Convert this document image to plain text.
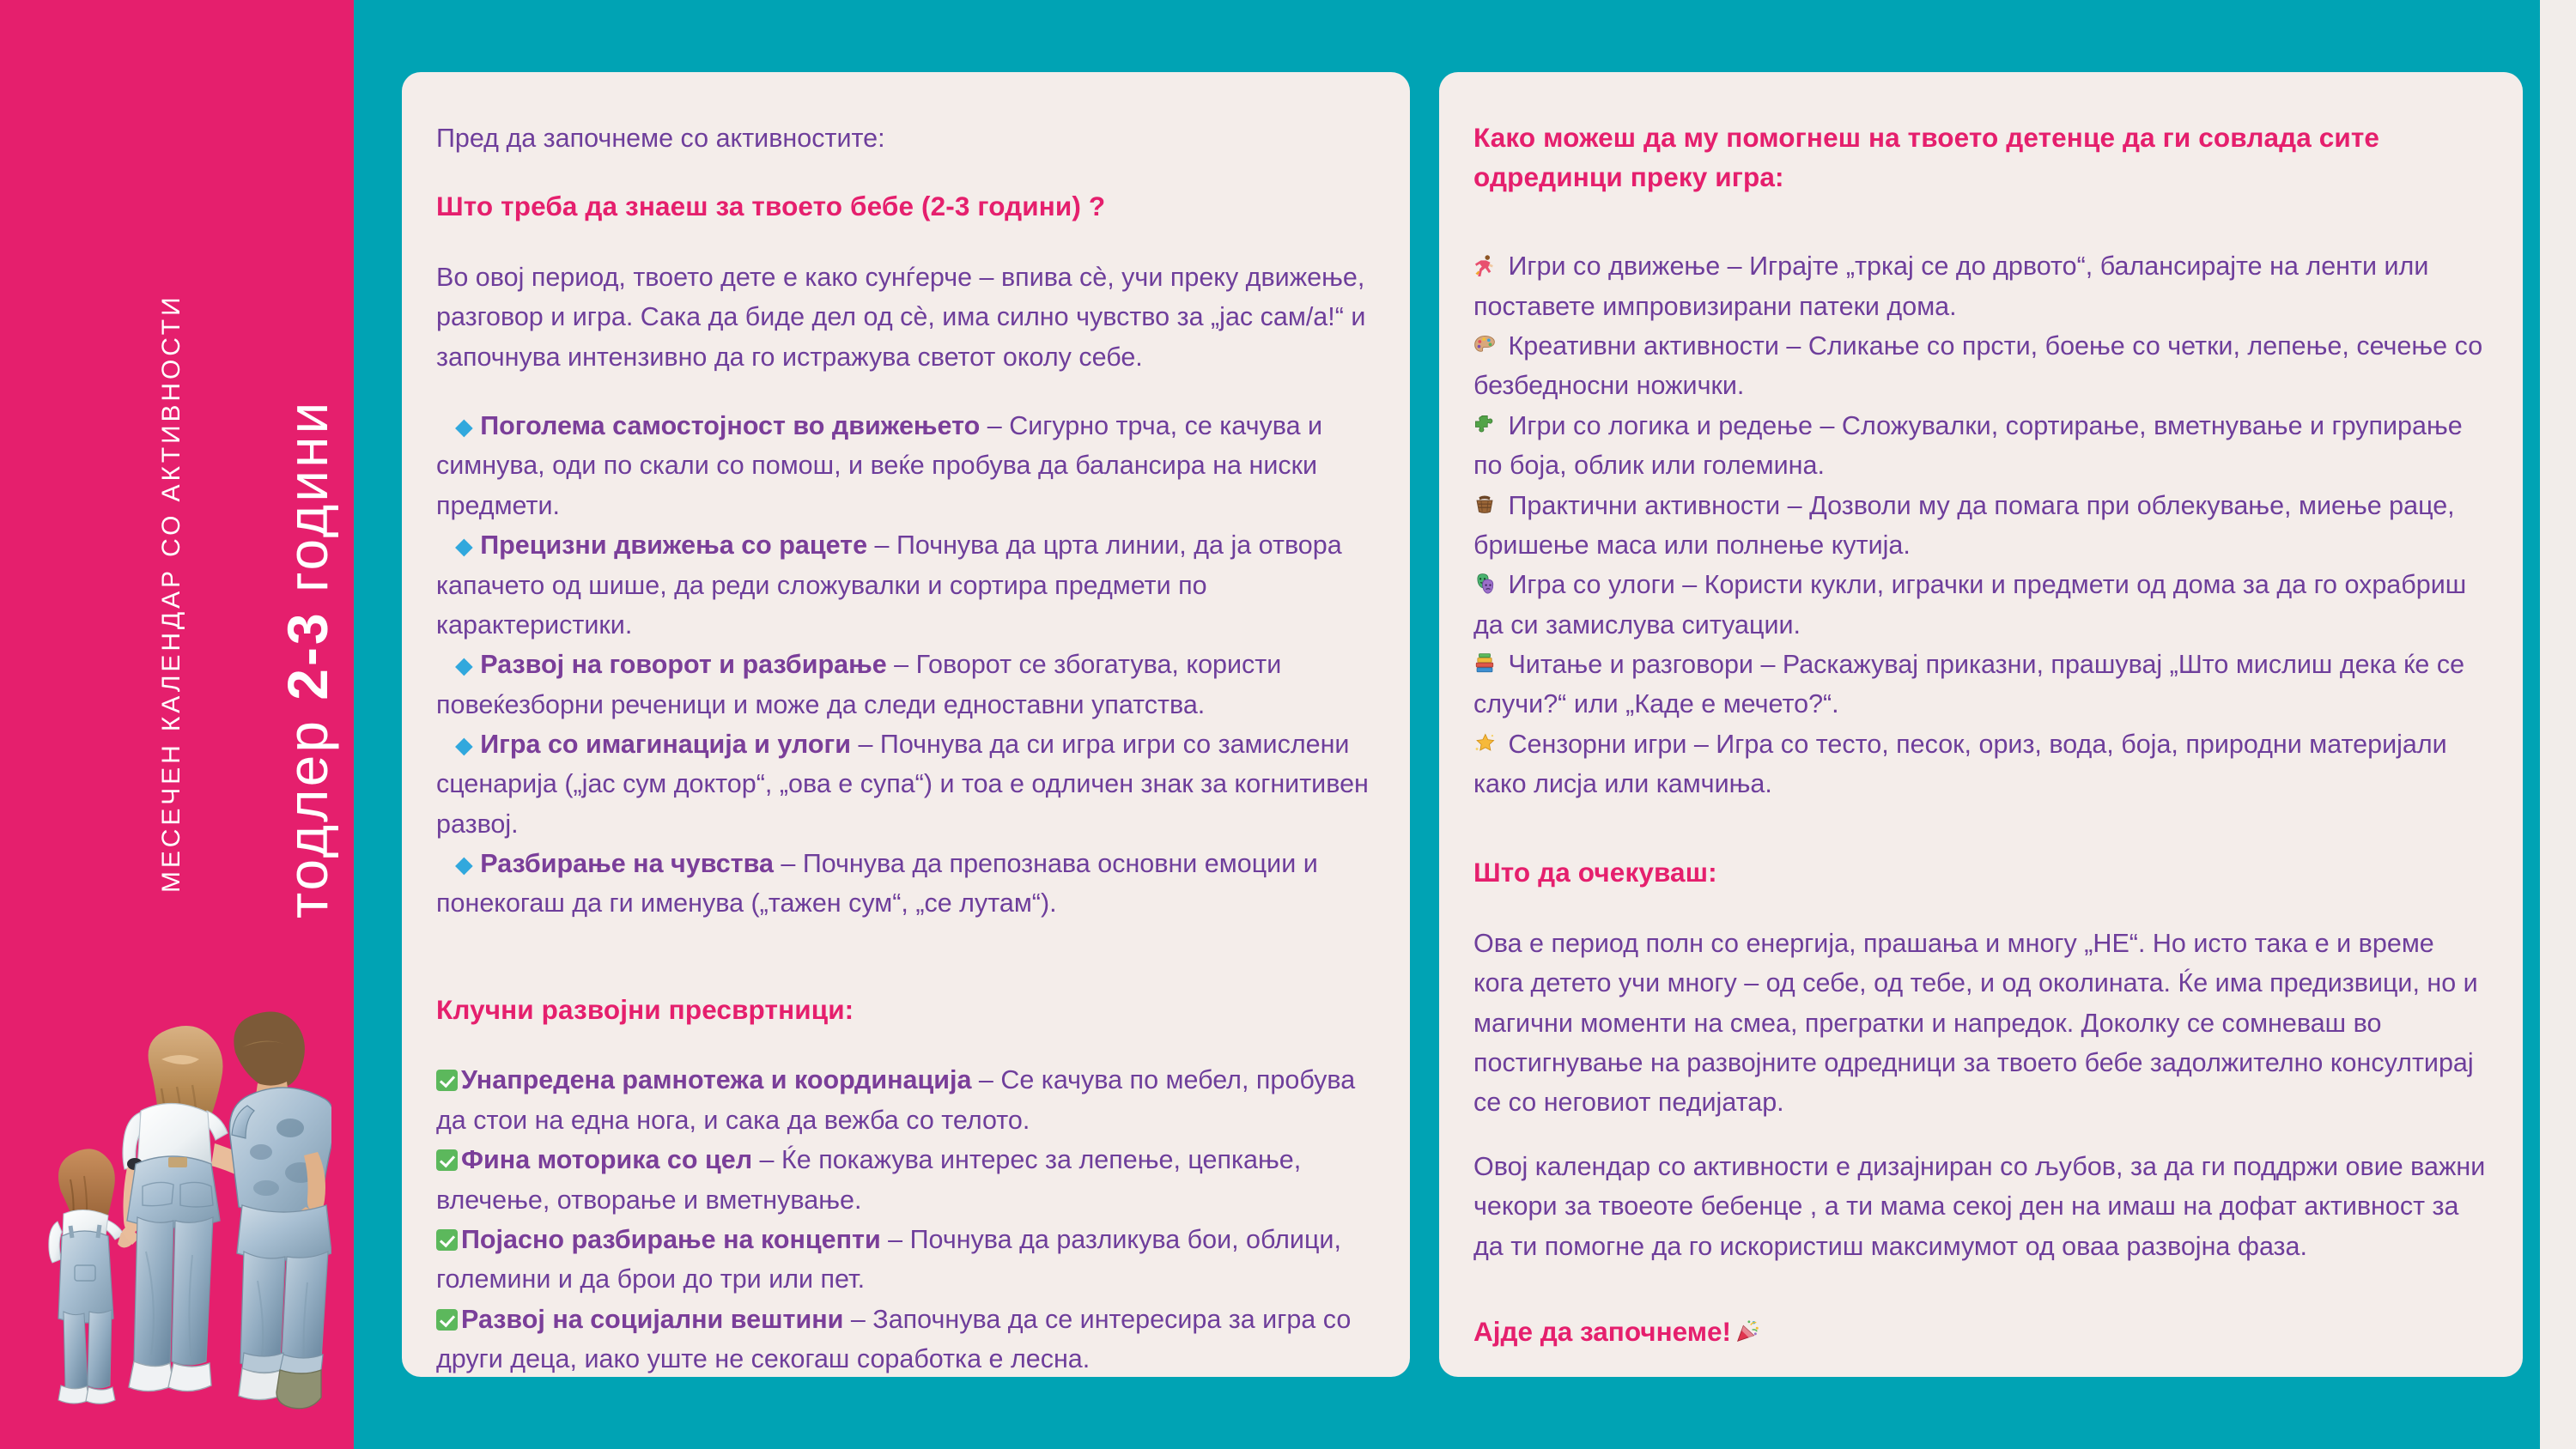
МЕСЕЧЕН КАЛЕНДАР СО АКТИВНОСТИ тодлер 2-3 години
Пред да започнеме со активностите:
Што треба да знаеш за твоето бебе (2-3 години) ?
Во овој период, твоето дете е како сунѓерче – впива сѐ, учи преку движење, разговор и игра. Сака да биде дел од сѐ, има силно чувство за „јас сам/а!“ и започнува интензивно да го истражува светот околу себе.
◆ Поголема самостојност во движењето – Сигурно трча, се качува и симнува, оди по скали со помош, и веќе пробува да балансира на ниски предмети.
◆ Прецизни движења со рацете – Почнува да црта линии, да ја отвора капачето од шише, да реди сложувалки и сортира предмети по карактеристики.
◆ Развој на говорот и разбирање – Говорот се збогатува, користи повеќезборни реченици и може да следи едноставни упатства.
◆ Игра со имагинација и улоги – Почнува да си игра игри со замислени сценарија („јас сум доктор“, „ова е супа“) и тоа е одличен знак за когнитивен развој.
◆ Разбирање на чувства – Почнува да препознава основни емоции и понекогаш да ги именува („тажен сум“, „се лутам“).
Клучни развојни пресвртници:
Унапредена рамнотежа и координација – Се качува по мебел, пробува да стои на една нога, и сака да вежба со телото.
Фина моторика со цел – Ќе покажува интерес за лепење, цепкање, влечење, отворање и вметнување.
Појасно разбирање на концепти – Почнува да разликува бои, облици, големини и да брои до три или пет.
Развој на социјални вештини – Започнува да се интересира за игра со други деца, иако уште не секогаш соработка е лесна.
Како можеш да му помогнеш на твоето детенце да ги совлада сите одрединци преку игра:
Игри со движење – Играјте „тркај се до дрвото“, балансирајте на ленти или поставете импровизирани патеки дома.
Креативни активности – Сликање со прсти, боење со четки, лепење, сечење со безбедносни ножички.
Игри со логика и редење – Сложувалки, сортирање, вметнување и групирање по боја, облик или големина.
Практични активности – Дозволи му да помага при облекување, миење раце, бришење маса или полнење кутија.
Игра со улоги – Користи кукли, играчки и предмети од дома за да го охрабриш да си замислува ситуации.
Читање и разговори – Раскажувај приказни, прашувај „Што мислиш дека ќе се случи?“ или „Каде е мечето?“.
Сензорни игри – Игра со тесто, песок, ориз, вода, боја, природни материјали како лисја или камчиња.
Што да очекуваш:
Ова е период полн со енергија, прашања и многу „НЕ“. Но исто така е и време кога детето учи многу – од себе, од тебе, и од околината. Ќе има предизвици, но и магични моменти на смеа, прегратки и напредок. Доколку се сомневаш во постигнување на развојните одредници за твоето бебе задолжително консултирај се со неговиот педијатар.
Овој календар со активности е дизајниран со љубов, за да ги поддржи овие важни чекори за твоеоте бебенце , а ти мама секој ден на имаш на дофат активност за да ти помогне да го искористиш максимумот од оваа развојна фаза.
Ајде да започнеме!
